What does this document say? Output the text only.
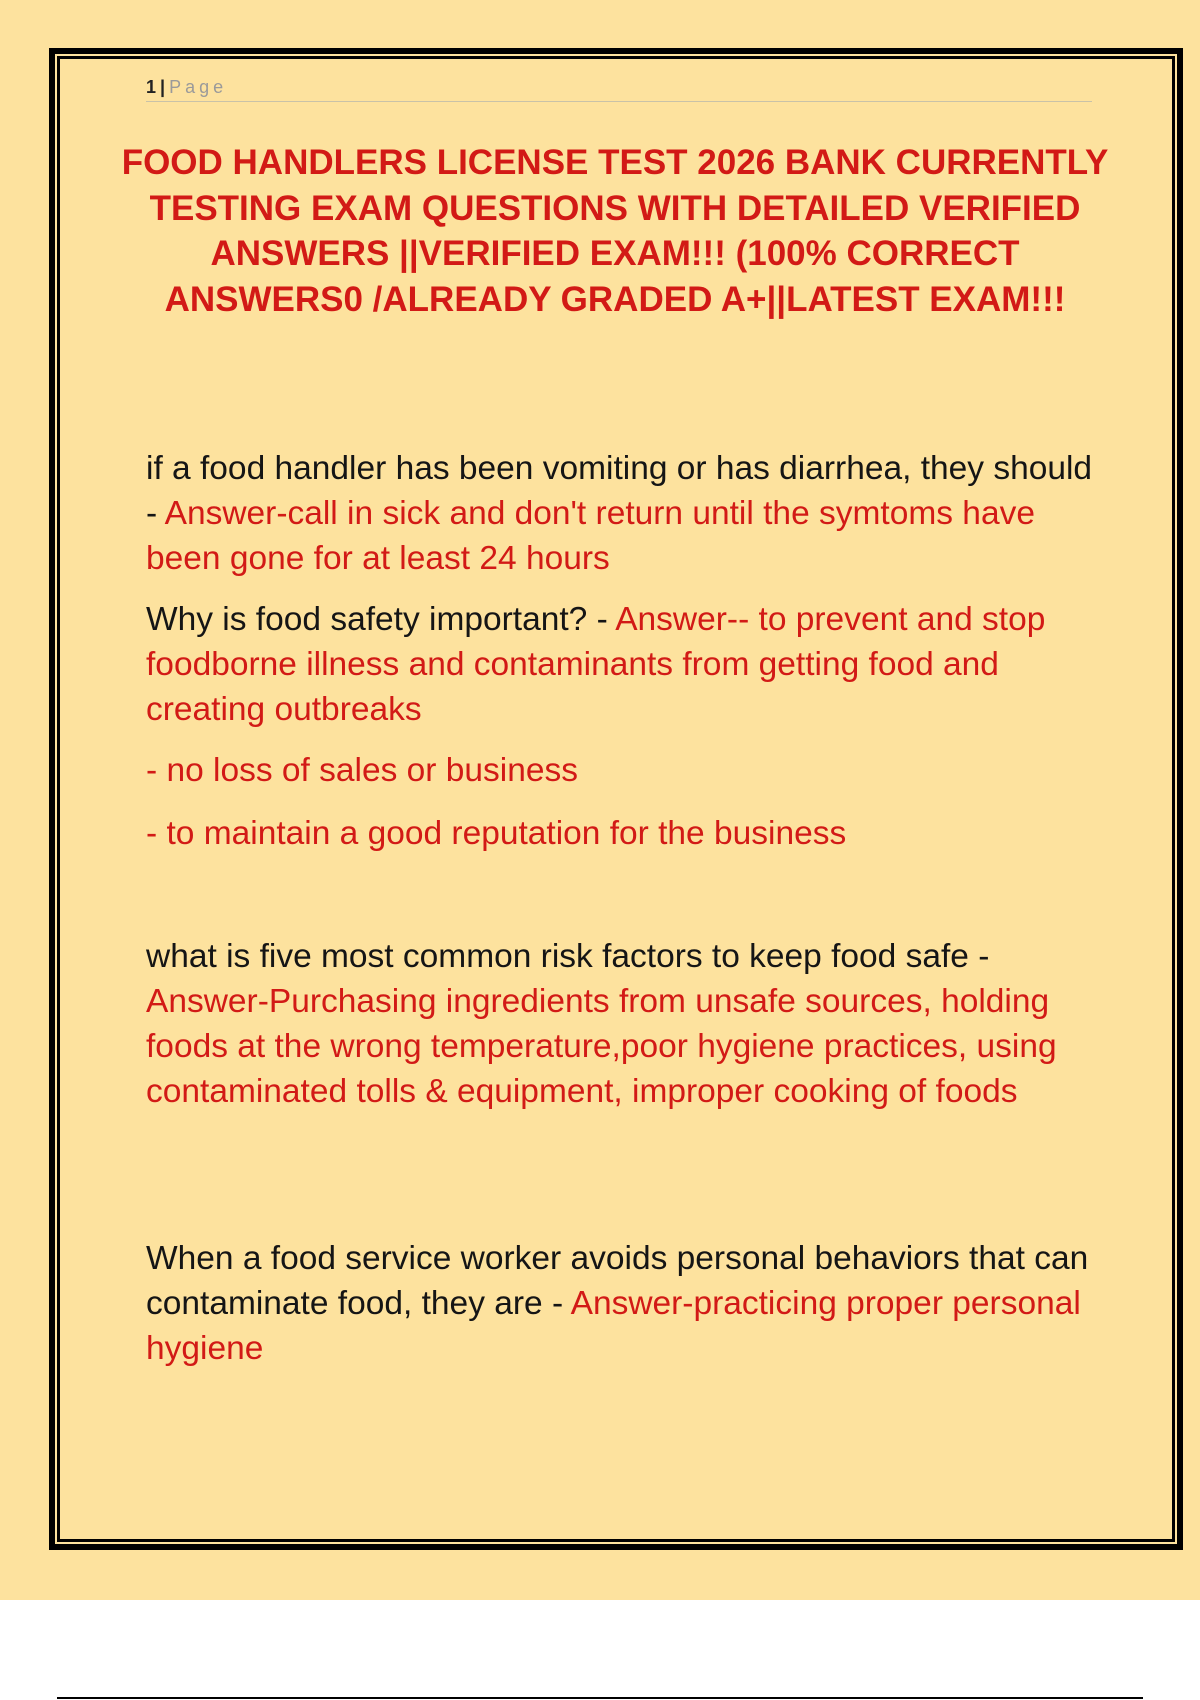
1 | Page
FOOD HANDLERS LICENSE TEST 2026 BANK CURRENTLY TESTING EXAM QUESTIONS WITH DETAILED VERIFIED ANSWERS ||VERIFIED EXAM!!! (100% CORRECT ANSWERS0 /ALREADY GRADED A+||LATEST EXAM!!!

if a food handler has been vomiting or has diarrhea, they should - Answer-call in sick and don't return until the symtoms have been gone for at least 24 hours

Why is food safety important? - Answer-- to prevent and stop foodborne illness and contaminants from getting food and creating outbreaks

- no loss of sales or business

- to maintain a good reputation for the business

what is five most common risk factors to keep food safe - Answer-Purchasing ingredients from unsafe sources, holding foods at the wrong temperature,poor hygiene practices, using contaminated tolls & equipment, improper cooking of foods

When a food service worker avoids personal behaviors that can contaminate food, they are - Answer-practicing proper personal hygiene
